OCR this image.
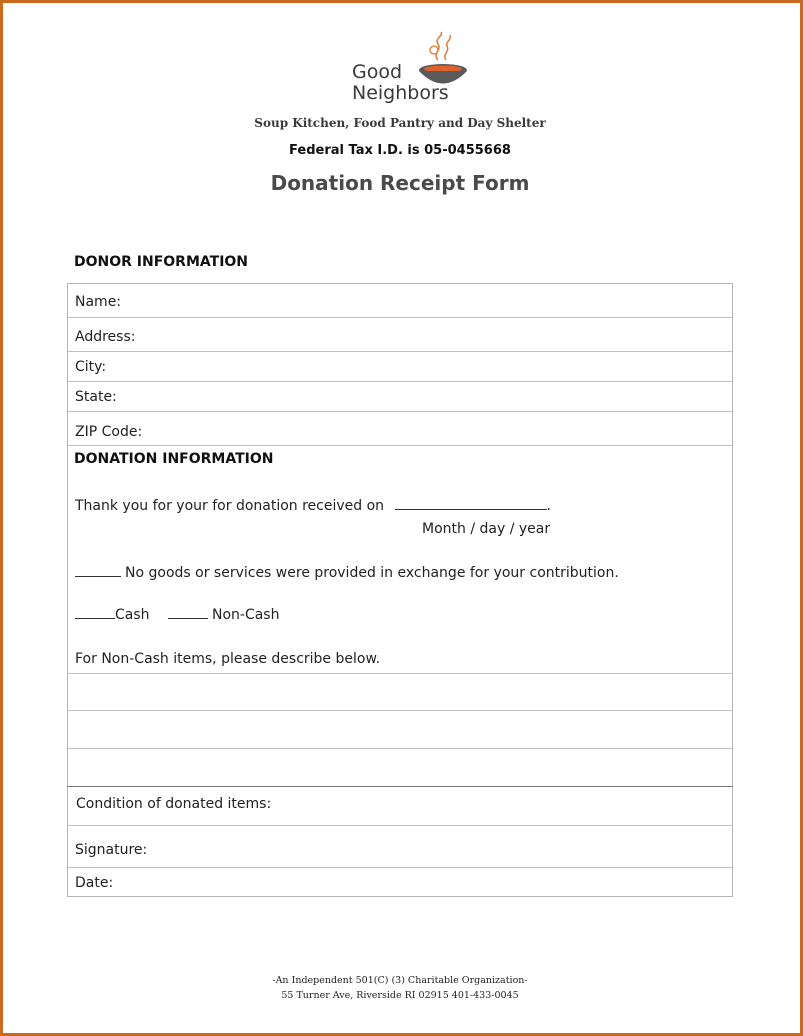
Good
Neighbors
Soup Kitchen, Food Pantry and Day Shelter
Federal Tax I.D. is 05-0455668
Donation Receipt Form
DONOR INFORMATION
Name:
Address:
City:
State:
ZIP Code:
DONATION INFORMATION
Thank you for your for donation received on	.
Month / day / year
No goods or services were provided in exchange for your contribution.
Cash	Non-Cash
For Non-Cash items, please describe below.
Condition of donated items:
Signature:
Date:
-An Independent 501(C) (3) Charitable Organization-
55 Turner Ave, Riverside RI 02915 401-433-0045
